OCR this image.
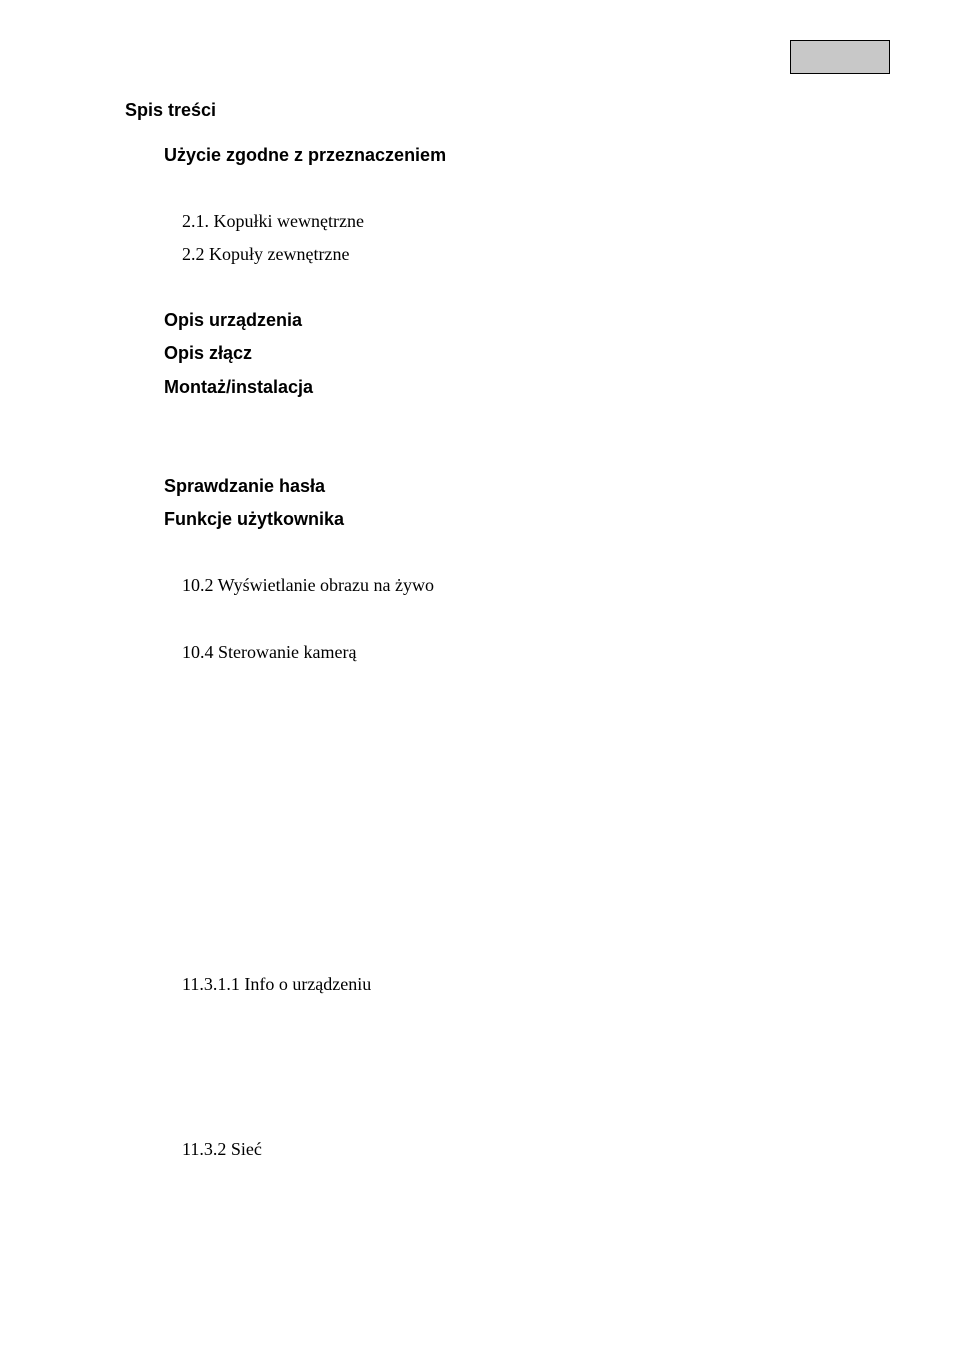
Spis treści
Użycie zgodne z przeznaczeniem
2.1. Kopułki wewnętrzne
2.2 Kopuły zewnętrzne
Opis urządzenia
Opis złącz
Montaż/instalacja
Sprawdzanie hasła
Funkcje użytkownika
10.2 Wyświetlanie obrazu na żywo
10.4 Sterowanie kamerą
11.3.1.1 Info o urządzeniu
11.3.2 Sieć
